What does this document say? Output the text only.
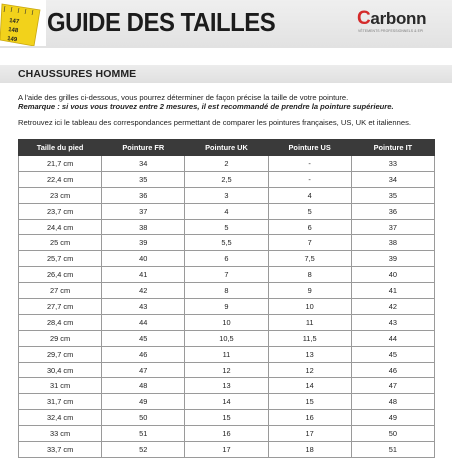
147
148
149
GUIDE DES TAILLES	Carbonn
VÊTEMENTS PROFESSIONNELS & EPI
CHAUSSURES HOMME
A l'aide des grilles ci-dessous, vous pourrez déterminer de façon précise la taille de votre pointure.
Remarque : si vous vous trouvez entre 2 mesures, il est recommandé de prendre la pointure supérieure.
Retrouvez ici le tableau des correspondances permettant de comparer les pointures françaises, US, UK et italiennes.
Taille du pied	Pointure FR	Pointure UK	Pointure US	Pointure IT
21,7 cm	34	2	-	33
22,4 cm	35	2,5	-	34
23 cm	36	3	4	35
23,7 cm	37	4	5	36
24,4 cm	38	5	6	37
25 cm	39	5,5	7	38
25,7 cm	40	6	7,5	39
26,4 cm	41	7	8	40
27 cm	42	8	9	41
27,7 cm	43	9	10	42
28,4 cm	44	10	11	43
29 cm	45	10,5	11,5	44
29,7 cm	46	11	13	45
30,4 cm	47	12	12	46
31 cm	48	13	14	47
31,7 cm	49	14	15	48
32,4 cm	50	15	16	49
33 cm	51	16	17	50
33,7 cm	52	17	18	51
